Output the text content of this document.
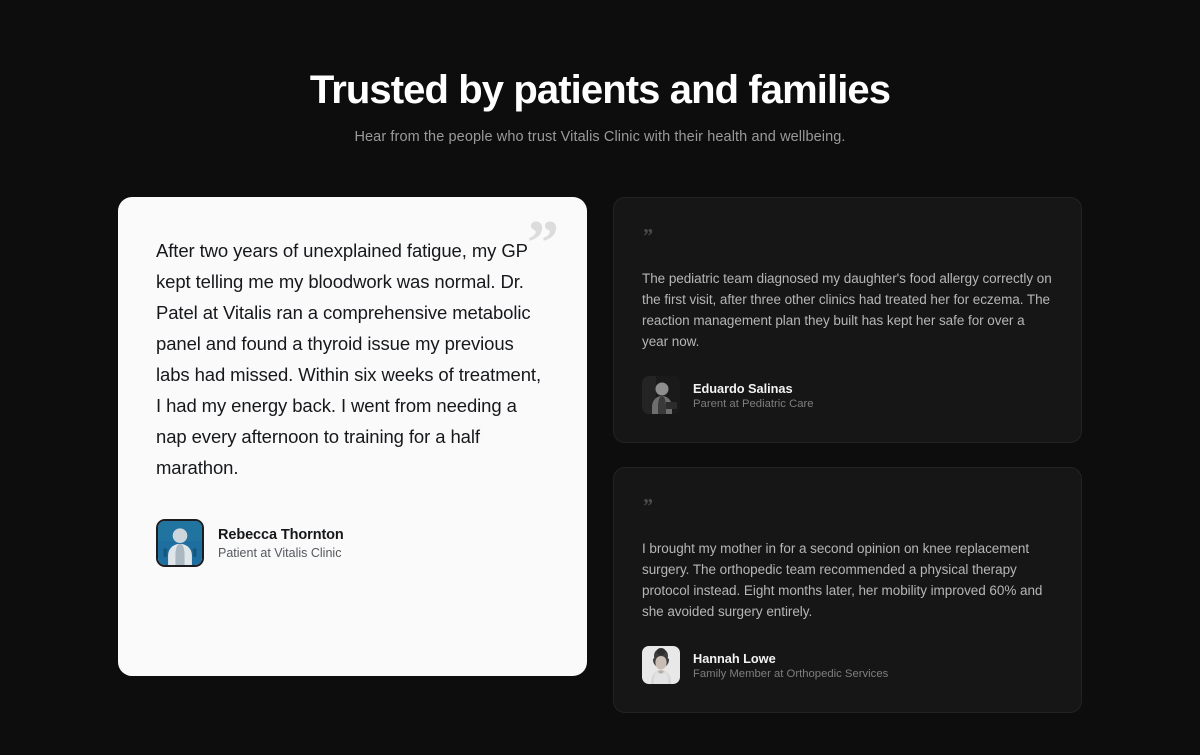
Trusted by patients and families

Hear from the people who trust Vitalis Clinic with their health and wellbeing.

”

After two years of unexplained fatigue, my GP kept telling me my bloodwork was normal. Dr. Patel at Vitalis ran a comprehensive metabolic panel and found a thyroid issue my previous labs had missed. Within six weeks of treatment, I had my energy back. I went from needing a nap every afternoon to training for a half marathon.

Rebecca Thornton
Patient at Vitalis Clinic
”

The pediatric team diagnosed my daughter's food allergy correctly on the first visit, after three other clinics had treated her for eczema. The reaction management plan they built has kept her safe for over a year now.

Eduardo Salinas
Parent at Pediatric Care
”

I brought my mother in for a second opinion on knee replacement surgery. The orthopedic team recommended a physical therapy protocol instead. Eight months later, her mobility improved 60% and she avoided surgery entirely.

Hannah Lowe
Family Member at Orthopedic Services
